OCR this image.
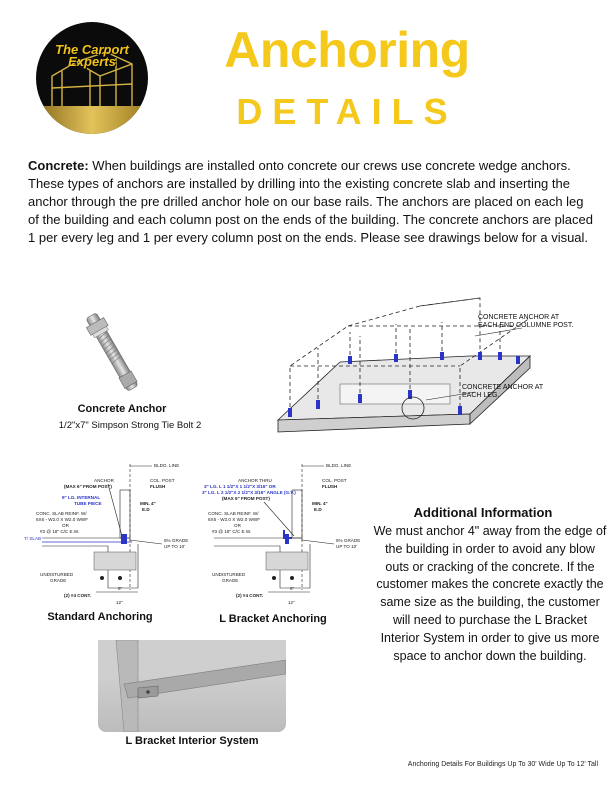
The Carport Experts	Anchoring
DETAILS
Concrete: When buildings are installed onto concrete our crews use concrete wedge anchors. These types of anchors are installed by drilling into the existing concrete slab and inserting the anchor through the pre drilled anchor hole on our base rails. The anchors are placed on each leg of the building and each column post on the ends of the building. The concrete anchors are placed 1 per every leg and 1 per every column post on the ends. Please see drawings below for a visual.
Concrete Anchor
1/2"x7" Simpson Strong Tie Bolt 2
CONCRETE ANCHOR AT EACH END COLUMNE POST.
CONCRETE ANCHOR AT EACH LEG.
BLDG. LINE
ANCHOR
(MAX 6" FROM POST)
9" LG. INTERNAL
TUBE PIECE
COL. POST
FLUSH
CONC. SLAB REINF. W/
6X6 - W2.0 X W2.0 WWF
OR
#3 @ 18" C/C E.W.
MIN. 4"
E.D
T/ SLAB	5% GRADE
UP TO 10'
UNDISTURBED
GRADE
(2) #4 CONT.
12"
6"
Standard Anchoring
BLDG. LINE
ANCHOR THRU
3" LG. L 1 1/2"X 1 1/2"X 3/16" OR
3" LG. L 2 1/2"X 2 1/2"X 3/16" ANGLE (G.V.)
(MAX 6" FROM POST)
COL. POST
FLUSH
CONC. SLAB REINF. W/
6X6 - W2.0 X W2.0 WWF
OR
#3 @ 18" C/C E.W.
MIN. 4"
E.D
5% GRADE
UP TO 10'
UNDISTURBED
GRADE
(2) #4 CONT.
12"
6"
L Bracket Anchoring
L Bracket Interior System
Additional Information
We must anchor 4" away from the edge of the building in order to avoid any blow outs or cracking of the concrete. If the customer makes the concrete exactly the same size as the building, the customer will need to purchase the L Bracket Interior System in order to give us more space to anchor down the building.
Anchoring Details For Buildings Up To 30' Wide Up To 12' Tall
